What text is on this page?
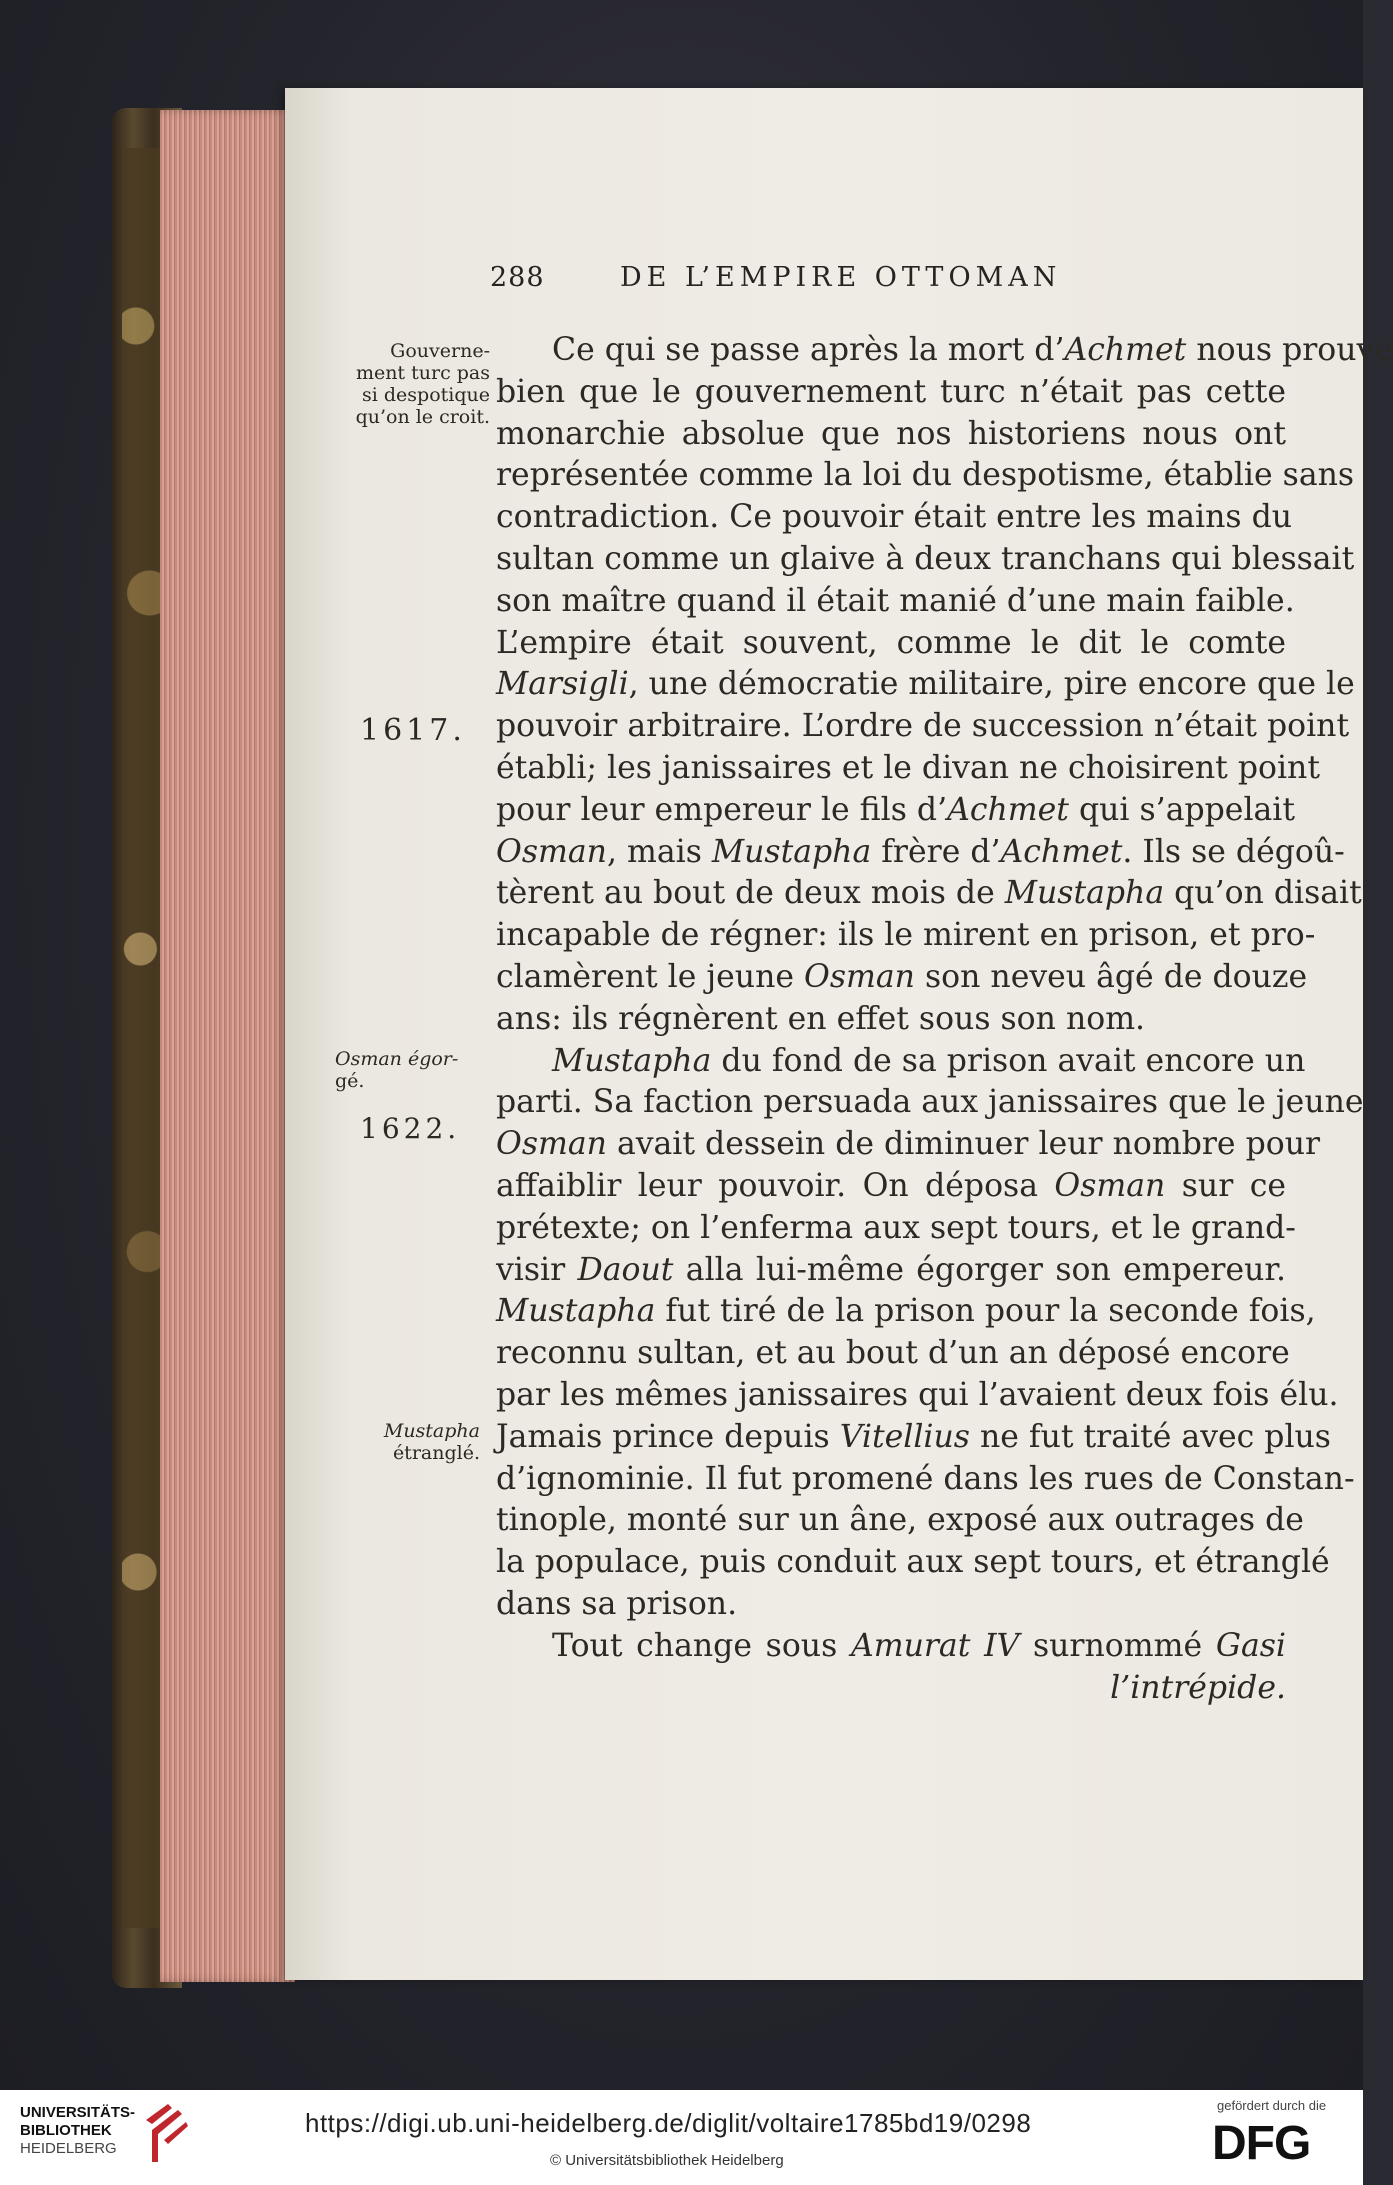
288	DE L’EMPIRE OTTOMAN
Gouverne-
ment turc pas
si despotique
qu’on le croit.
1617.
Osman égor-
gé.
1622.
Mustapha
étranglé.

Ce qui se passe après la mort d’Achmet nous prouve
bien que le gouvernement turc n’était pas cette
monarchie absolue que nos historiens nous ont
représentée comme la loi du despotisme, établie sans
contradiction. Ce pouvoir était entre les mains du
sultan comme un glaive à deux tranchans qui blessait
son maître quand il était manié d’une main faible.
L’empire était souvent, comme le dit le comte
Marsigli, une démocratie militaire, pire encore que le
pouvoir arbitraire. L’ordre de succession n’était point
établi; les janissaires et le divan ne choisirent point
pour leur empereur le fils d’Achmet qui s’appelait
Osman, mais Mustapha frère d’Achmet. Ils se dégoû-
tèrent au bout de deux mois de Mustapha qu’on disait
incapable de régner: ils le mirent en prison, et pro-
clamèrent le jeune Osman son neveu âgé de douze
ans: ils régnèrent en effet sous son nom.

Mustapha du fond de sa prison avait encore un
parti. Sa faction persuada aux janissaires que le jeune
Osman avait dessein de diminuer leur nombre pour
affaiblir leur pouvoir. On déposa Osman sur ce
prétexte; on l’enferma aux sept tours, et le grand-
visir Daout alla lui-même égorger son empereur.
Mustapha fut tiré de la prison pour la seconde fois,
reconnu sultan, et au bout d’un an déposé encore
par les mêmes janissaires qui l’avaient deux fois élu.
Jamais prince depuis Vitellius ne fut traité avec plus
d’ignominie. Il fut promené dans les rues de Constan-
tinople, monté sur un âne, exposé aux outrages de
la populace, puis conduit aux sept tours, et étranglé
dans sa prison.

Tout change sous Amurat IV surnommé Gasi
l’intrépide.

UNIVERSITÄTS-
BIBLIOTHEK
HEIDELBERG
https://digi.ub.uni-heidelberg.de/diglit/voltaire1785bd19/0298
© Universitätsbibliothek Heidelberg
gefördert durch die
DFG
